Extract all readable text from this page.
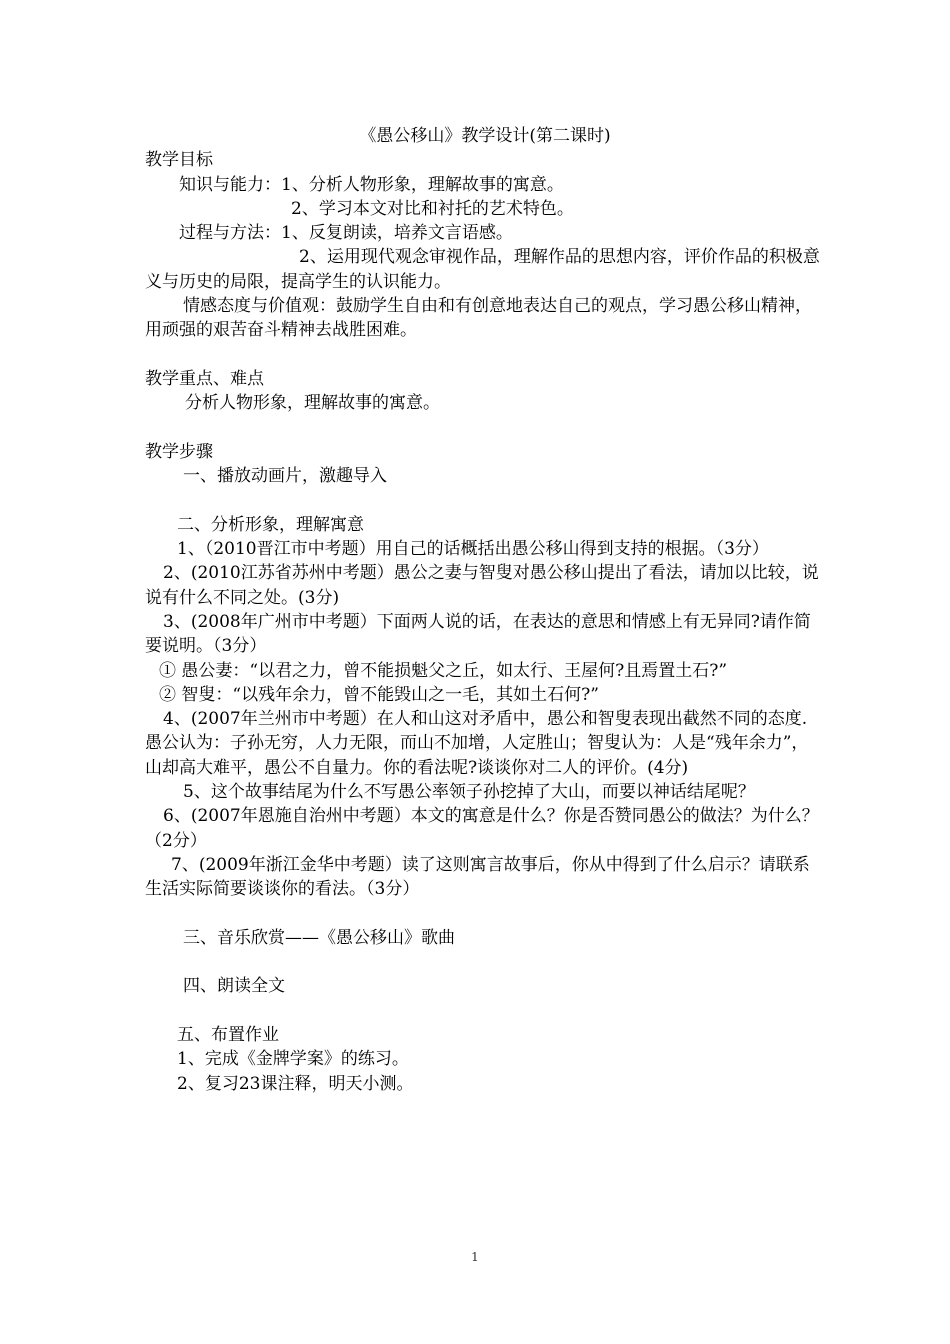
《愚公移山》教学设计(第二课时)

教学目标

知识与能力：1、分析人物形象，理解故事的寓意。

2、学习本文对比和衬托的艺术特色。

过程与方法：1、反复朗读，培养文言语感。

2、运用现代观念审视作品，理解作品的思想内容，评价作品的积极意义与历史的局限，提高学生的认识能力。

情感态度与价值观：鼓励学生自由和有创意地表达自己的观点，学习愚公移山精神，用顽强的艰苦奋斗精神去战胜困难。

教学重点、难点

分析人物形象，理解故事的寓意。

教学步骤

一、播放动画片，激趣导入

二、分析形象，理解寓意

1、（2010晋江市中考题）用自己的话概括出愚公移山得到支持的根据。（3分）

2、(2010江苏省苏州中考题）愚公之妻与智叟对愚公移山提出了看法，请加以比较，说说有什么不同之处。(3分)

3、(2008年广州市中考题）下面两人说的话，在表达的意思和情感上有无异同?请作简要说明。（3分）

① 愚公妻：“以君之力，曾不能损魁父之丘，如太行、王屋何?且焉置土石?”

② 智叟：“以残年余力，曾不能毁山之一毛，其如土石何?”

4、(2007年兰州市中考题）在人和山这对矛盾中，愚公和智叟表现出截然不同的态度. 愚公认为：子孙无穷，人力无限，而山不加增，人定胜山；智叟认为：人是“残年余力”，山却高大难平，愚公不自量力。你的看法呢?谈谈你对二人的评价。(4分)

5、这个故事结尾为什么不写愚公率领子孙挖掉了大山，而要以神话结尾呢？

6、(2007年恩施自治州中考题）本文的寓意是什么？你是否赞同愚公的做法？为什么？（2分）

7、(2009年浙江金华中考题）读了这则寓言故事后，你从中得到了什么启示？请联系生活实际简要谈谈你的看法。（3分）

三、音乐欣赏——《愚公移山》歌曲

四、朗读全文

五、布置作业

1、完成《金牌学案》的练习。

2、复习23课注释，明天小测。

1
